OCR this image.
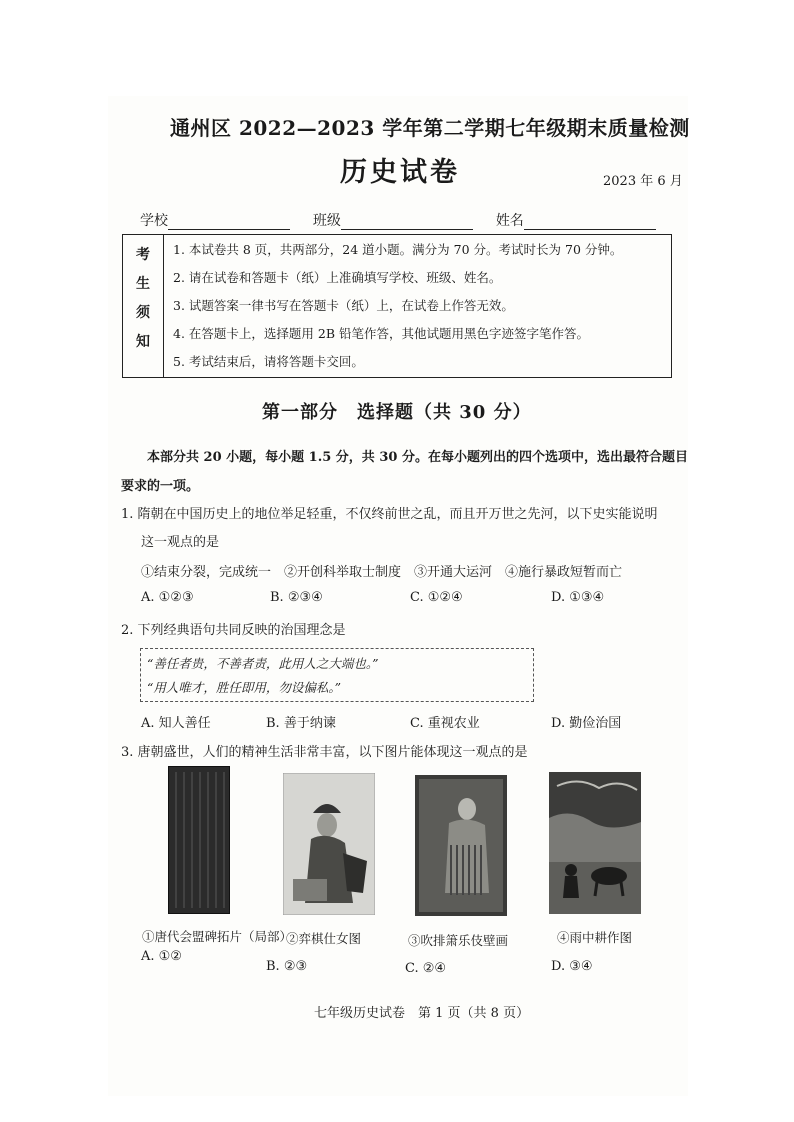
通州区 2022—2023 学年第二学期七年级期末质量检测
历史试卷	2023 年 6 月
学校	班级	姓名
考
生
须
知

1. 本试卷共 8 页，共两部分，24 道小题。满分为 70 分。考试时长为 70 分钟。
2. 请在试卷和答题卡（纸）上准确填写学校、班级、姓名。
3. 试题答案一律书写在答题卡（纸）上，在试卷上作答无效。
4. 在答题卡上，选择题用 2B 铅笔作答，其他试题用黑色字迹签字笔作答。
5. 考试结束后，请将答题卡交回。
第一部分　选择题（共 30 分）
本部分共 20 小题，每小题 1.5 分，共 30 分。在每小题列出的四个选项中，选出最符合题目
要求的一项。
1. 隋朝在中国历史上的地位举足轻重，不仅终前世之乱，而且开万世之先河，以下史实能说明
这一观点的是
①结束分裂，完成统一　②开创科举取士制度　③开通大运河　④施行暴政短暂而亡
A. ①②③	B. ②③④	C. ①②④	D. ①③④
2. 下列经典语句共同反映的治国理念是
“善任者贵，不善者责，此用人之大端也。”
“用人唯才，胜任即用，勿设偏私。”
A. 知人善任	B. 善于纳谏	C. 重视农业	D. 勤俭治国
3. 唐朝盛世，人们的精神生活非常丰富，以下图片能体现这一观点的是
①唐代会盟碑拓片（局部）
②弈棋仕女图	③吹排箫乐伎壁画	④雨中耕作图
A. ①②
B. ②③	C. ②④	D. ③④
七年级历史试卷　第 1 页（共 8 页）
